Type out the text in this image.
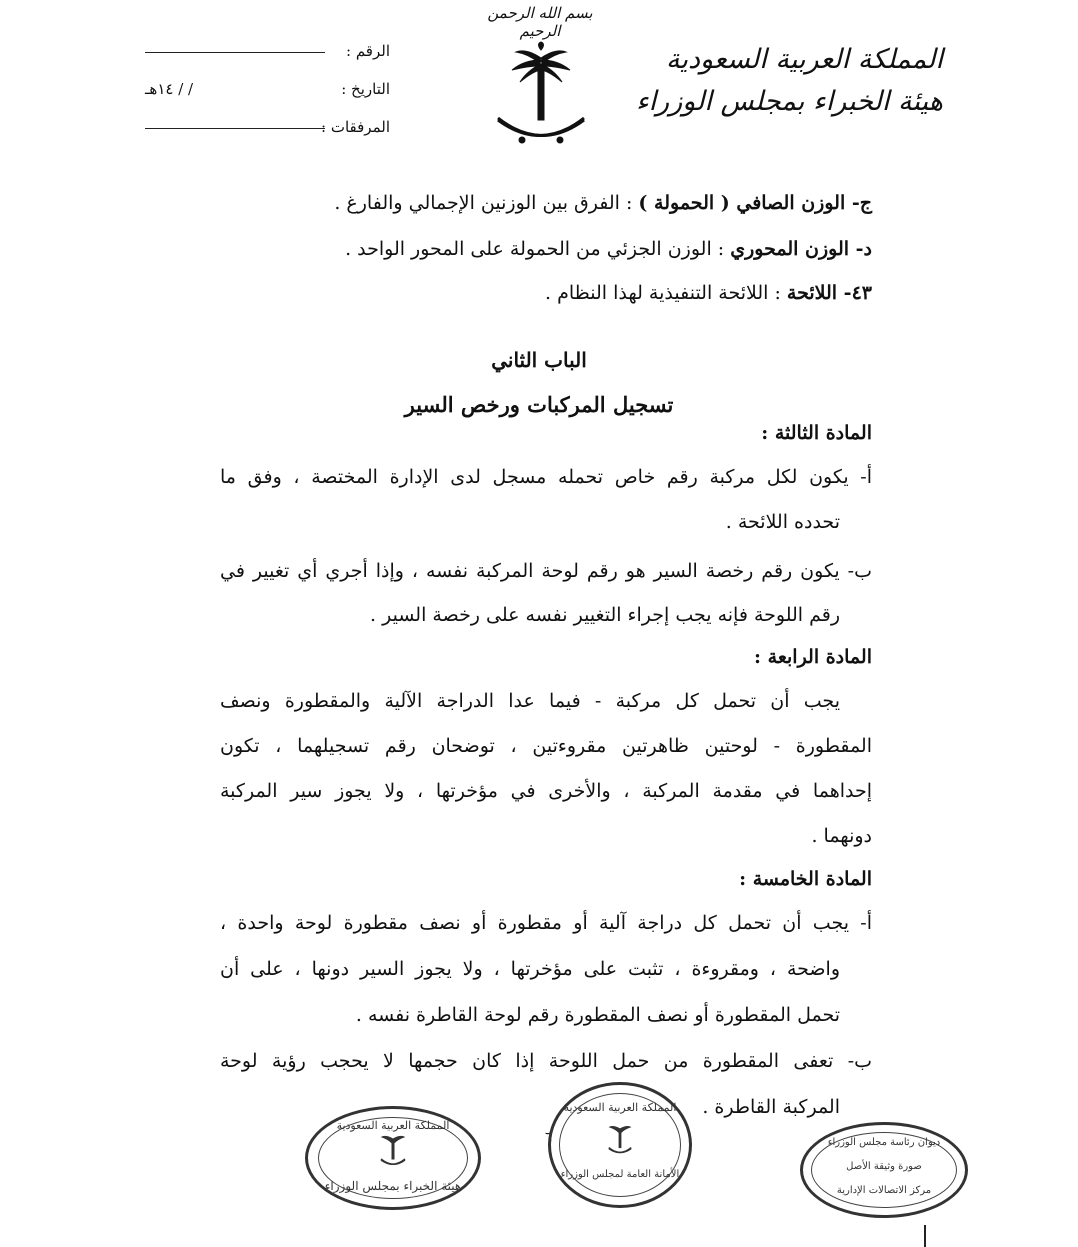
بسم الله الرحمن الرحيم
المملكة العربية السعودية
هيئة الخبراء بمجلس الوزراء
الرقم :
التاريخ :
/ / ١٤هـ
المرفقات :
ج- الوزن الصافي ( الحمولة ) : الفرق بين الوزنين الإجمالي والفارغ .
د- الوزن المحوري : الوزن الجزئي من الحمولة على المحور الواحد .
٤٣- اللائحة : اللائحة التنفيذية لهذا النظام .
الباب الثاني
تسجيل المركبات ورخص السير
المادة الثالثة :
أ- يكون لكل مركبة رقم خاص تحمله مسجل لدى الإدارة المختصة ، وفق ما
تحدده اللائحة .
ب- يكون رقم رخصة السير هو رقم لوحة المركبة نفسه ، وإذا أجري أي تغيير في
رقم اللوحة فإنه يجب إجراء التغيير نفسه على رخصة السير .
المادة الرابعة :
يجب أن تحمل كل مركبة - فيما عدا الدراجة الآلية والمقطورة ونصف
المقطورة - لوحتين ظاهرتين مقروءتين ، توضحان رقم تسجيلهما ، تكون
إحداهما في مقدمة المركبة ، والأخرى في مؤخرتها ، ولا يجوز سير المركبة
دونهما .
المادة الخامسة :
أ- يجب أن تحمل كل دراجة آلية أو مقطورة أو نصف مقطورة لوحة واحدة ،
واضحة ، ومقروءة ، تثبت على مؤخرتها ، ولا يجوز السير دونها ، على أن
تحمل المقطورة أو نصف المقطورة رقم لوحة القاطرة نفسه .
ب- تعفى المقطورة من حمل اللوحة إذا كان حجمها لا يحجب رؤية لوحة
المركبة القاطرة .
٦
المملكة العربية السعودية
هيئة الخبراء بمجلس الوزراء
المملكة العربية السعودية
الأمانة العامة لمجلس الوزراء
ديوان رئاسة مجلس الوزراء
صورة وثيقة الأصل
مركز الاتصالات الإدارية
